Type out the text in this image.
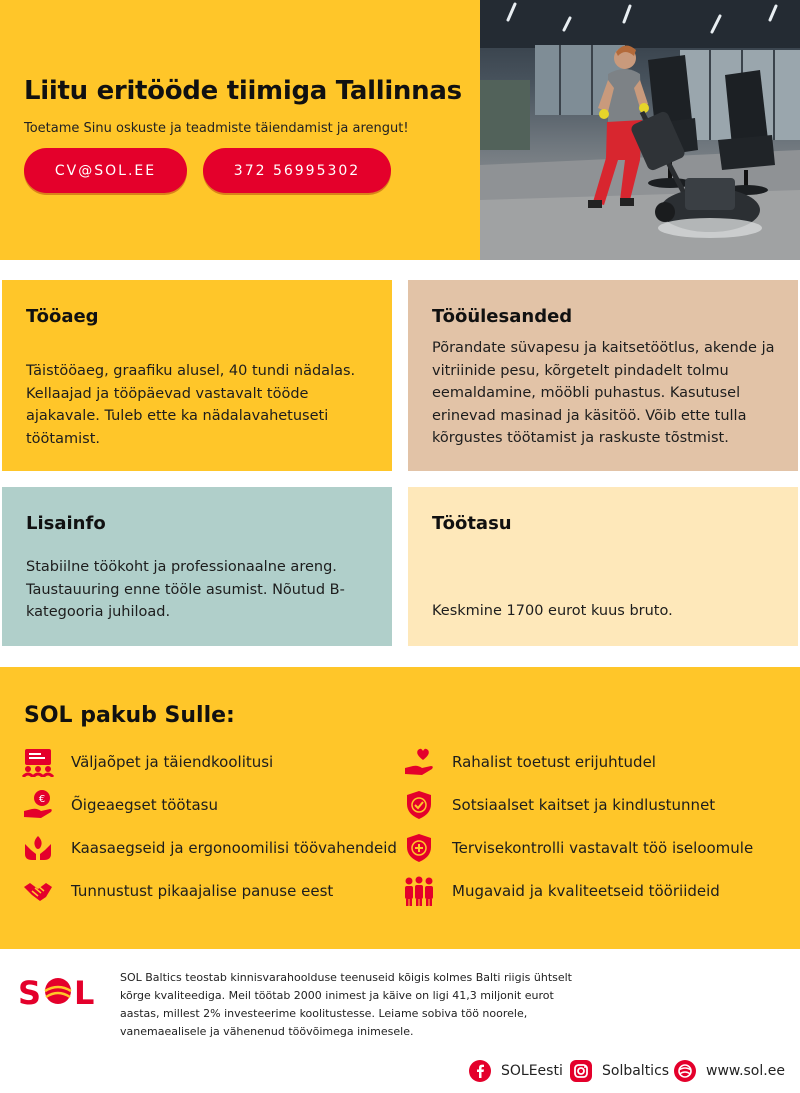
Liitu eritööde tiimiga Tallinnas
Toetame Sinu oskuste ja teadmiste täiendamist ja arengut!
CV@SOL.EE	372 56995302
Tööaeg

Täistööaeg, graafiku alusel, 40 tundi nädalas. Kellaajad ja tööpäevad vastavalt tööde ajakavale. Tuleb ette ka nädalavahetuseti töötamist.

Tööülesanded

Põrandate süvapesu ja kaitsetöötlus, akende ja vitriinide pesu, kõrgetelt pindadelt tolmu eemaldamine, mööbli puhastus. Kasutusel erinevad masinad ja käsitöö. Võib ette tulla kõrgustes töötamist ja raskuste tõstmist.

Lisainfo

Stabiilne töökoht ja professionaalne areng. Taustauuring enne tööle asumist. Nõutud B-kategooria juhiload.

Töötasu

Keskmine 1700 eurot kuus bruto.

SOL pakub Sulle:
Väljaõpet ja täiendkoolitusi
€ Õigeaegset töötasu
Kaasaegseid ja ergonoomilisi töövahendeid
Tunnustust pikaajalise panuse eest
Rahalist toetust erijuhtudel
Sotsiaalset kaitset ja kindlustunnet
Tervisekontrolli vastavalt töö iseloomule
Mugavaid ja kvaliteetseid tööriideid
S L SOL Baltics teostab kinnisvarahoolduse teenuseid kõigis kolmes Balti riigis ühtselt kõrge kvaliteediga. Meil töötab 2000 inimest ja käive on ligi 41,3 miljonit eurot aastas, millest 2% investeerime koolitustesse. Leiame sobiva töö noorele, vanemaealisele ja vähenenud töövõimega inimesele.
SOLEesti	Solbaltics	www.sol.ee
